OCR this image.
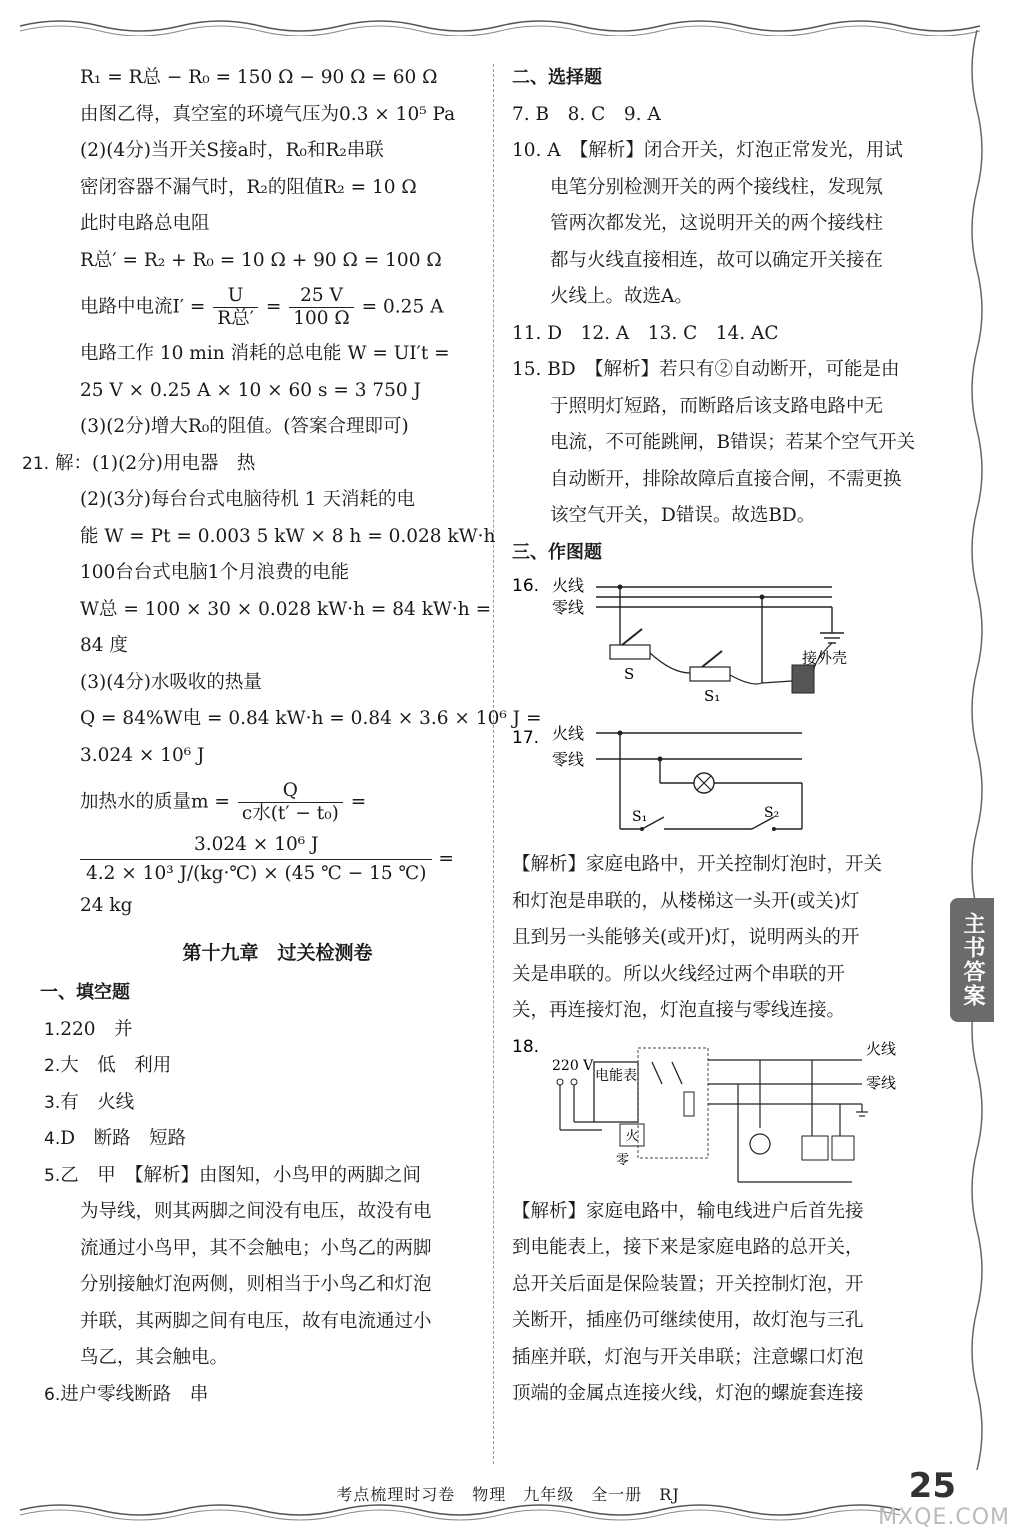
R₁ = R总 − R₀ = 150 Ω − 90 Ω = 60 Ω
由图乙得，真空室的环境气压为0.3 × 10⁵ Pa
(2)(4分)当开关S接a时，R₀和R₂串联
密闭容器不漏气时，R₂的阻值R₂ = 10 Ω
此时电路总电阻
R总′ = R₂ + R₀ = 10 Ω + 90 Ω = 100 Ω
电路中电流$I' = \frac{U}{\text{R总′}} = \frac{25 V}{100 \Omega} = 0.25$ A
电路工作 10 min 消耗的总电能 W = UI′t =
25 V × 0.25 A × 10 × 60 s = 3 750 J
(3)(2分)增大R₀的阻值。(答案合理即可)
21. 解：(1)(2分)用电器　热
(2)(3分)每台台式电脑待机 1 天消耗的电
能 W = Pt = 0.003 5 kW × 8 h = 0.028 kW·h
100台台式电脑1个月浪费的电能
W总 = 100 × 30 × 0.028 kW·h = 84 kW·h =
84 度
(3)(4分)水吸收的热量
Q = 84%W电 = 0.84 kW·h = 0.84 × 3.6 × 10⁶ J =
3.024 × 10⁶ J
加热水的质量$m = \frac{Q}{\text{c水(t′ − t₀)}}$ =
$\frac{\text{3.024 × 10⁶ J}}{\text{4.2 × 10³ J/(kg·℃) × (45 ℃ − 15 ℃)}}$ =
24 kg
第十九章　过关检测卷
一、填空题
1.220　并
2.大　低　利用
3.有　火线
4.D　断路　短路
5.乙　甲　【解析】由图知，小鸟甲的两脚之间
为导线，则其两脚之间没有电压，故没有电
流通过小鸟甲，其不会触电；小鸟乙的两脚
分别接触灯泡两侧，则相当于小鸟乙和灯泡
并联，其两脚之间有电压，故有电流通过小
鸟乙，其会触电。
6.进户零线断路　串
二、选择题
7. B　8. C　9. A
10. A　【解析】闭合开关，灯泡正常发光，用试
电笔分别检测开关的两个接线柱，发现氖
管两次都发光，这说明开关的两个接线柱
都与火线直接相连，故可以确定开关接在
火线上。故选A。
11. D　12. A　13. C　14. AC
15. BD　【解析】若只有②自动断开，可能是由
于照明灯短路，而断路后该支路电路中无
电流，不可能跳闸，B错误；若某个空气开关
自动断开，排除故障后直接合闸，不需更换
该空气开关，D错误。故选BD。
三、作图题
16. 火线
零线
S
S₁
接外壳
17. 火线
零线
S₁	S₂
【解析】家庭电路中，开关控制灯泡时，开关
和灯泡是串联的，从楼梯这一头开(或关)灯
且到另一头能够关(或开)灯，说明两头的开
关是串联的。所以火线经过两个串联的开
关，再连接灯泡，灯泡直接与零线连接。
18.
220 V
电能表
火
零
火线
零线
【解析】家庭电路中，输电线进户后首先接
到电能表上，接下来是家庭电路的总开关，
总开关后面是保险装置；开关控制灯泡，开
关断开，插座仍可继续使用，故灯泡与三孔
插座并联，灯泡与开关串联；注意螺口灯泡
顶端的金属点连接火线，灯泡的螺旋套连接
主书答案
考点梳理时习卷　物理　九年级　全一册　RJ	25
MXQE.COM
